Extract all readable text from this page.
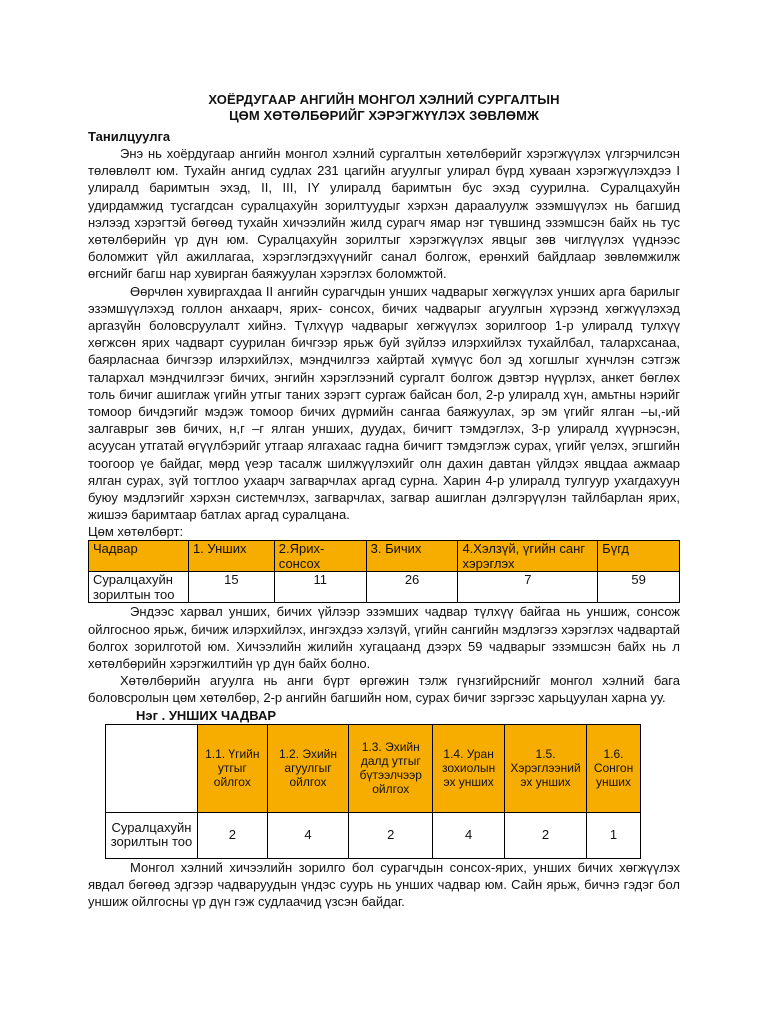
ХОЁРДУГААР АНГИЙН МОНГОЛ ХЭЛНИЙ СУРГАЛТЫН
ЦӨМ ХӨТӨЛБӨРИЙГ ХЭРЭГЖҮҮЛЭХ ЗӨВЛӨМЖ
Танилцуулга

Энэ нь хоёрдугаар ангийн монгол хэлний сургалтын хөтөлбөрийг хэрэгжүүлэх үлгэрчилсэн төлөвлөлт юм. Тухайн ангид судлах 231 цагийн агуулгыг улирал бүрд хуваан хэрэгжүүлэхдээ I улиралд баримтын эхэд, II, III, IY улиралд баримтын бус эхэд суурилна. Суралцахуйн удирдамжид тусгагдсан суралцахуйн зорилтуудыг хэрхэн дараалуулж эзэмшүүлэх нь багшид нэлээд хэрэгтэй бөгөөд тухайн хичээлийн жилд сурагч ямар нэг түвшинд эзэмшсэн байх нь тус хөтөлбөрийн үр дүн юм. Суралцахуйн зорилтыг хэрэгжүүлэх явцыг зөв чиглүүлэх үүднээс боломжит үйл ажиллагаа, хэрэглэгдэхүүнийг санал болгож, ерөнхий байдлаар зөвлөмжилж өгснийг багш нар хувирган баяжуулан хэрэглэх боломжтой.

Өөрчлөн хувиргахдаа II ангийн сурагчдын унших чадварыг хөгжүүлэх унших арга барилыг эзэмшүүлэхэд голлон анхаарч, ярих- сонсох, бичих чадварыг агуулгын хүрээнд хөгжүүлэхэд аргазүйн боловсруулалт хийнэ. Түлхүүр чадварыг хөгжүүлэх зорилгоор 1-р улиралд тулхүү хөгжсөн ярих чадварт суурилан бичгээр ярьж буй зүйлээ илэрхийлэх тухайлбал, талархсанаа, баярласнаа бичгээр илэрхийлэх, мэндчилгээ хайртай хүмүүс бол эд хогшлыг хүнчлэн сэтгэж талархал мэндчилгээг бичих, энгийн хэрэглээний сургалт болгож дэвтэр нүүрлэх, анкет бөглөх толь бичиг ашиглаж үгийн утгыг таних зэрэгт сургаж байсан бол, 2-р улиралд хүн, амьтны нэрийг томоор бичдэгийг мэдэж томоор бичих дүрмийн сангаа баяжуулах, эр эм үгийг ялган –ы,-ий залгаврыг зөв бичих, н,г –г ялган унших, дуудах, бичигт тэмдэглэх, 3-р улиралд хүүрнэсэн, асуусан утгатай өгүүлбэрийг утгаар ялгахаас гадна бичигт тэмдэглэж сурах, үгийг үелэх, эгшгийн тоогоор үе байдаг, мөрд үеэр тасалж шилжүүлэхийг олн дахин давтан үйлдэх явцдаа ажмаар ялган сурах, зүй тогтлоо ухаарч загварчлах аргад сурна. Харин 4-р улиралд тулгуур ухагдахуун буюу мэдлэгийг хэрхэн системчлэх, загварчлах, загвар ашиглан дэлгэрүүлэн тайлбарлан ярих, жишээ баримтаар батлах аргад суралцана.

Цөм хөтөлбөрт:
Чадвар	1. Унших	2.Ярих- сонсох	3. Бичих	4.Хэлзүй, үгийн санг хэрэглэх	Бүгд
Суралцахуйн зорилтын тоо	15	11	26	7	59

Эндээс харвал унших, бичих үйлээр эзэмших чадвар түлхүү байгаа нь уншиж, сонсож ойлгосноо ярьж, бичиж илэрхийлэх, ингэхдээ хэлзүй, үгийн сангийн мэдлэгээ хэрэглэх чадвартай болгох зорилготой юм. Хичээлийн жилийн хугацаанд дээрх 59 чадварыг эзэмшсэн байх нь л хөтөлбөрийн хэрэгжилтийн үр дүн байх болно.

Хөтөлбөрийн агуулга нь анги бүрт өргөжин тэлж гүнзгийрснийг монгол хэлний бага боловсролын цөм хөтөлбөр, 2-р ангийн багшийн ном, сурах бичиг зэргээс харьцуулан харна уу.

Нэг . УНШИХ ЧАДВАР
	1.1. Үгийн утгыг ойлгох	1.2. Эхийн агуулгыг ойлгох	1.3. Эхийн далд утгыг бүтээлчээр ойлгох	1.4. Уран зохиолын эх унших	1.5. Хэрэглээний эх унших	1.6. Сонгон унших
Суралцахуйн зорилтын тоо	2	4	2	4	2	1

Монгол хэлний хичээлийн зорилго бол сурагчдын сонсох-ярих, унших бичих хөгжүүлэх явдал бөгөөд эдгээр чадваруудын үндэс суурь нь унших чадвар юм. Сайн ярьж, бичнэ гэдэг бол уншиж ойлгосны үр дүн гэж судлаачид үзсэн байдаг.
